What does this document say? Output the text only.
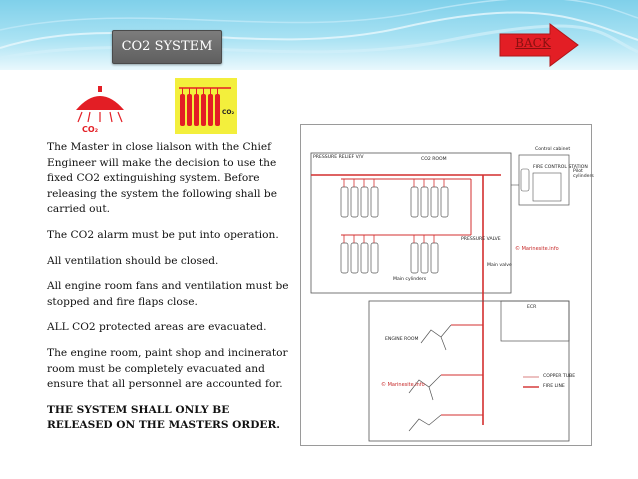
CO2 SYSTEM	BACK
CO₂
CO₂

The Master in close lialson with the Chief Engineer will make the decision to use the fixed CO2 extinguishing system. Before releasing the system the following shall be carried out.

The CO2 alarm must be put into operation.

All ventilation should be closed.

All engine room fans and ventilation must be stopped and fire flaps close.

ALL CO2 protected areas are evacuated.

The engine room, paint shop and incinerator room must be completely evacuated and ensure that all personnel are accounted for.

THE SYSTEM SHALL ONLY BE RELEASED ON THE MASTERS ORDER.

PRESSURE RELIEF V/V	CO2 ROOM
Control cabinet
FIRE CONTROL STATION
Pilot cylinders
PRESSURE VALVE
© Marinesite.info
Main cylinders
Main valve
ECR
ENGINE ROOM
© Marinesite.info
COPPER TUBE
FIRE LINE
